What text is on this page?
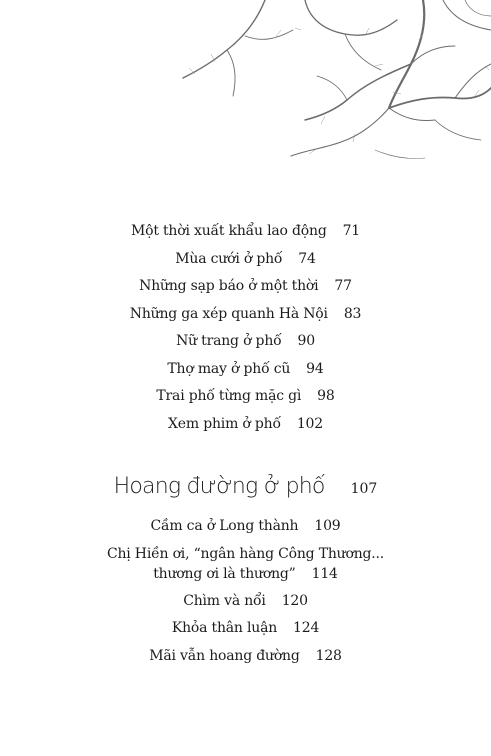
Một thời xuất khẩu lao động 71
Mùa cưới ở phố 74
Những sạp báo ở một thời 77
Những ga xép quanh Hà Nội 83
Nữ trang ở phố 90
Thợ may ở phố cũ 94
Trai phố từng mặc gì 98
Xem phim ở phố 102
Hoang đường ở phố 107
Cầm ca ở Long thành 109
Chị Hiền ơi, “ngân hàng Công Thương...
thương ơi là thương” 114
Chìm và nổi 120
Khỏa thân luận 124
Mãi vẫn hoang đường 128
